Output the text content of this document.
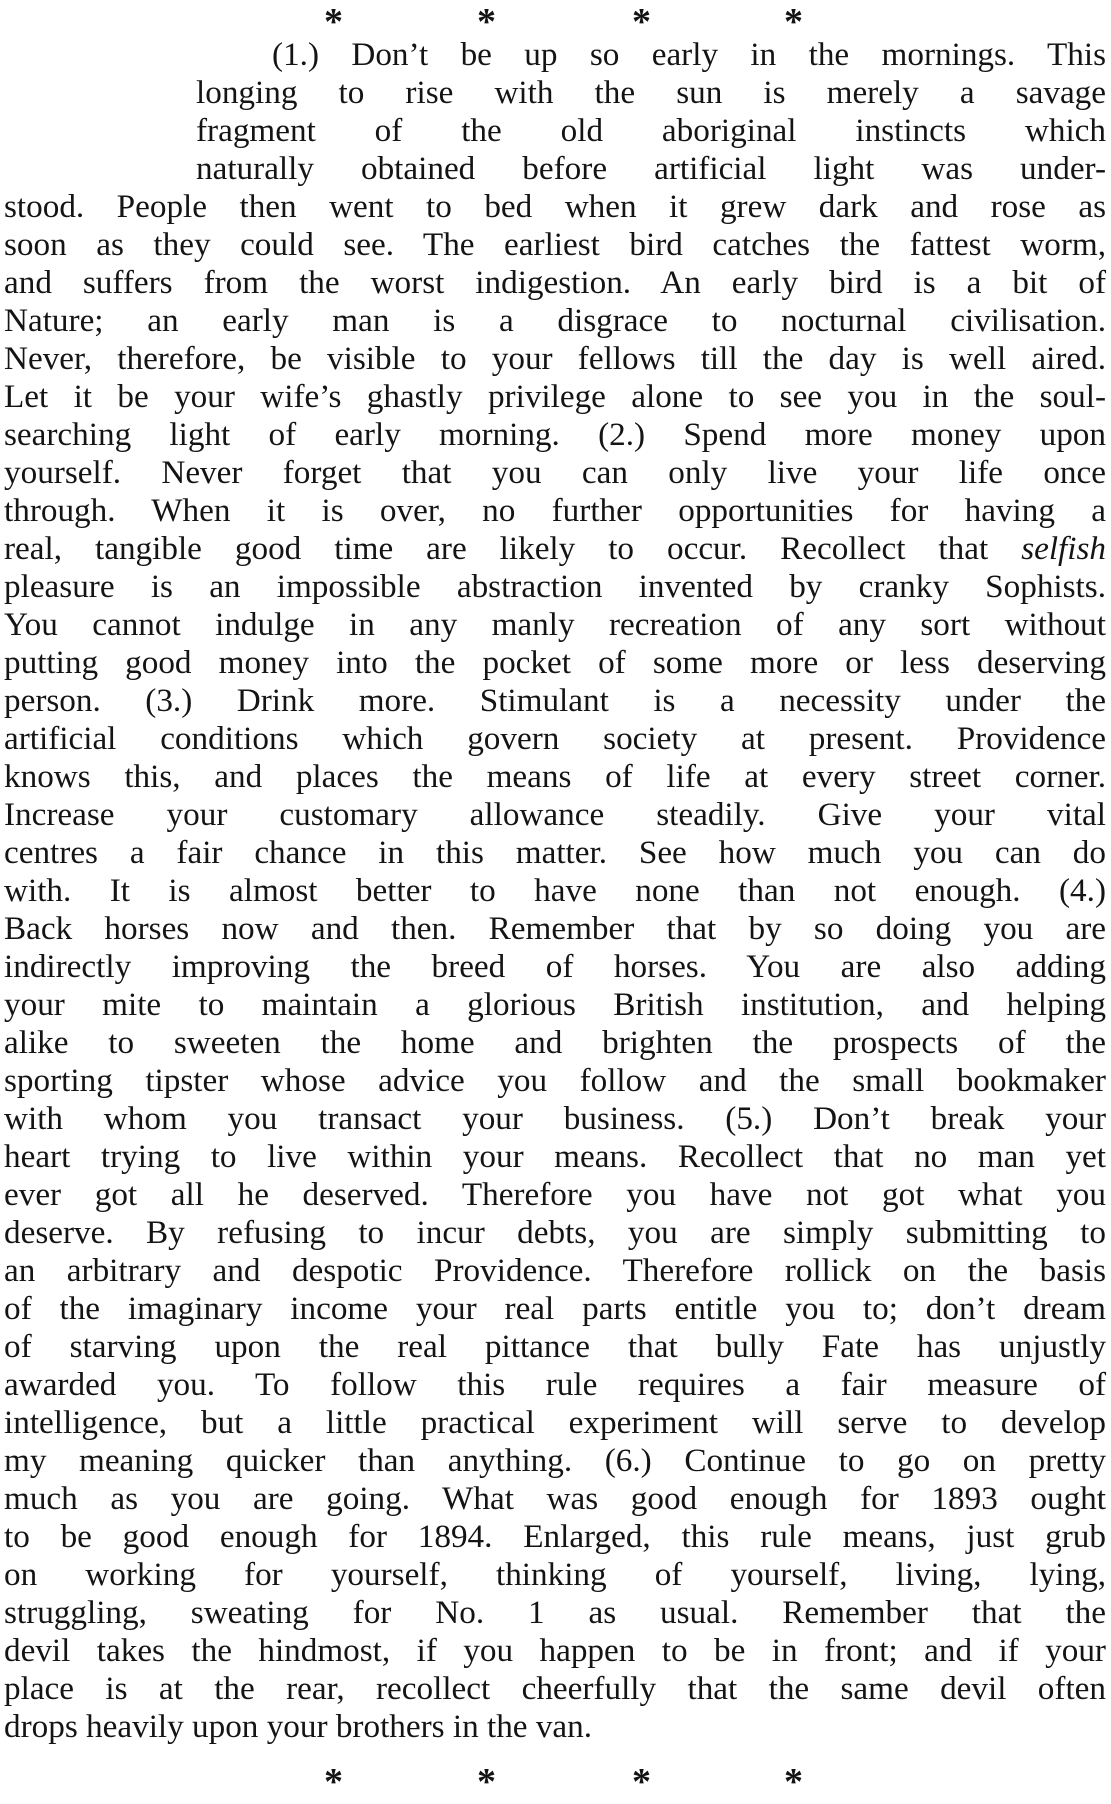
*	*	*	*
(1.) Don’t be up so early in the mornings. This
longing to rise with the sun is merely a savage
fragment of the old aboriginal instincts which
naturally obtained before artificial light was under-
stood. People then went to bed when it grew dark and rose as
soon as they could see. The earliest bird catches the fattest worm,
and suffers from the worst indigestion. An early bird is a bit of
Nature; an early man is a disgrace to nocturnal civilisation.
Never, therefore, be visible to your fellows till the day is well aired.
Let it be your wife’s ghastly privilege alone to see you in the soul-
searching light of early morning. (2.) Spend more money upon
yourself. Never forget that you can only live your life once
through. When it is over, no further opportunities for having a
real, tangible good time are likely to occur. Recollect that selfish
pleasure is an impossible abstraction invented by cranky Sophists.
You cannot indulge in any manly recreation of any sort without
putting good money into the pocket of some more or less deserving
person. (3.) Drink more. Stimulant is a necessity under the
artificial conditions which govern society at present. Providence
knows this, and places the means of life at every street corner.
Increase your customary allowance steadily. Give your vital
centres a fair chance in this matter. See how much you can do
with. It is almost better to have none than not enough. (4.)
Back horses now and then. Remember that by so doing you are
indirectly improving the breed of horses. You are also adding
your mite to maintain a glorious British institution, and helping
alike to sweeten the home and brighten the prospects of the
sporting tipster whose advice you follow and the small bookmaker
with whom you transact your business. (5.) Don’t break your
heart trying to live within your means. Recollect that no man yet
ever got all he deserved. Therefore you have not got what you
deserve. By refusing to incur debts, you are simply submitting to
an arbitrary and despotic Providence. Therefore rollick on the basis
of the imaginary income your real parts entitle you to; don’t dream
of starving upon the real pittance that bully Fate has unjustly
awarded you. To follow this rule requires a fair measure of
intelligence, but a little practical experiment will serve to develop
my meaning quicker than anything. (6.) Continue to go on pretty
much as you are going. What was good enough for 1893 ought
to be good enough for 1894. Enlarged, this rule means, just grub
on working for yourself, thinking of yourself, living, lying,
struggling, sweating for No. 1 as usual. Remember that the
devil takes the hindmost, if you happen to be in front; and if your
place is at the rear, recollect cheerfully that the same devil often
drops heavily upon your brothers in the van.
*	*	*	*
